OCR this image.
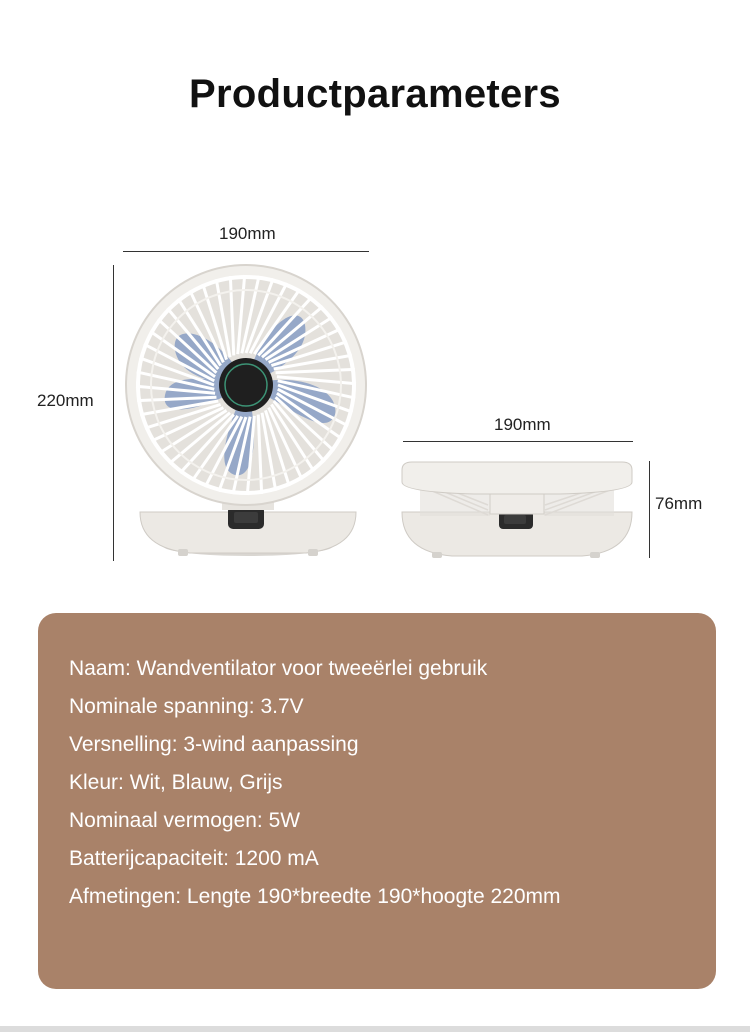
Productparameters
190mm
220mm
190mm
76mm
Naam: Wandventilator voor tweeërlei gebruik
Nominale spanning: 3.7V
Versnelling: 3-wind aanpassing
Kleur: Wit, Blauw, Grijs
Nominaal vermogen: 5W
Batterijcapaciteit: 1200 mA
Afmetingen: Lengte 190*breedte 190*hoogte 220mm
